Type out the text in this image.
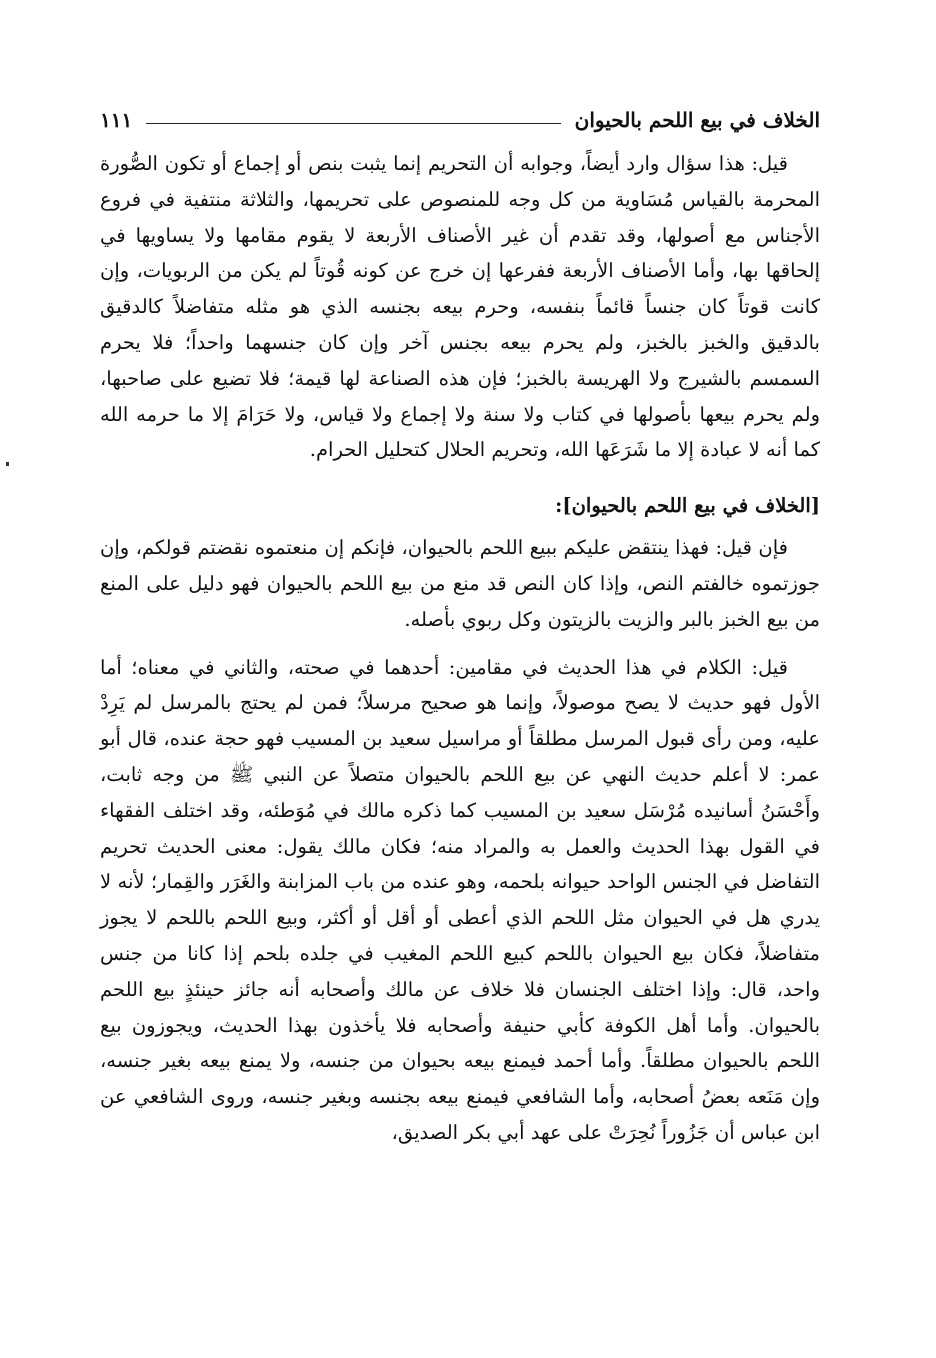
الخلاف في بيع اللحم بالحيوان
١١١

قيل: هذا سؤال وارد أيضاً، وجوابه أن التحريم إنما يثبت بنص أو إجماع أو تكون الصُّورة المحرمة بالقياس مُسَاوية من كل وجه للمنصوص على تحريمها، والثلاثة منتفية في فروع الأجناس مع أصولها، وقد تقدم أن غير الأصناف الأربعة لا يقوم مقامها ولا يساويها في إلحاقها بها، وأما الأصناف الأربعة ففرعها إن خرج عن كونه قُوتاً لم يكن من الربويات، وإن كانت قوتاً كان جنساً قائماً بنفسه، وحرم بيعه بجنسه الذي هو مثله متفاضلاً كالدقيق بالدقيق والخبز بالخبز، ولم يحرم بيعه بجنس آخر وإن كان جنسهما واحداً؛ فلا يحرم السمسم بالشيرج ولا الهريسة بالخبز؛ فإن هذه الصناعة لها قيمة؛ فلا تضيع على صاحبها، ولم يحرم بيعها بأصولها في كتاب ولا سنة ولا إجماع ولا قياس، ولا حَرَامَ إلا ما حرمه الله كما أنه لا عبادة إلا ما شَرَعَها الله، وتحريم الحلال كتحليل الحرام.

[الخلاف في بيع اللحم بالحيوان]:

فإن قيل: فهذا ينتقض عليكم ببيع اللحم بالحيوان، فإنكم إن منعتموه نقضتم قولكم، وإن جوزتموه خالفتم النص، وإذا كان النص قد منع من بيع اللحم بالحيوان فهو دليل على المنع من بيع الخبز بالبر والزيت بالزيتون وكل ربوي بأصله.

قيل: الكلام في هذا الحديث في مقامين: أحدهما في صحته، والثاني في معناه؛ أما الأول فهو حديث لا يصح موصولاً، وإنما هو صحيح مرسلاً؛ فمن لم يحتج بالمرسل لم يَرِدْ عليه، ومن رأى قبول المرسل مطلقاً أو مراسيل سعيد بن المسيب فهو حجة عنده، قال أبو عمر: لا أعلم حديث النهي عن بيع اللحم بالحيوان متصلاً عن النبي ﷺ من وجه ثابت، وأَحْسَنُ أسانيده مُرْسَل سعيد بن المسيب كما ذكره مالك في مُوَطئه، وقد اختلف الفقهاء في القول بهذا الحديث والعمل به والمراد منه؛ فكان مالك يقول: معنى الحديث تحريم التفاضل في الجنس الواحد حيوانه بلحمه، وهو عنده من باب المزابنة والغَرَر والقِمار؛ لأنه لا يدري هل في الحيوان مثل اللحم الذي أعطى أو أقل أو أكثر، وبيع اللحم باللحم لا يجوز متفاضلاً، فكان بيع الحيوان باللحم كبيع اللحم المغيب في جلده بلحم إذا كانا من جنس واحد، قال: وإذا اختلف الجنسان فلا خلاف عن مالك وأصحابه أنه جائز حينئذٍ بيع اللحم بالحيوان. وأما أهل الكوفة كأبي حنيفة وأصحابه فلا يأخذون بهذا الحديث، ويجوزون بيع اللحم بالحيوان مطلقاً. وأما أحمد فيمنع بيعه بحيوان من جنسه، ولا يمنع بيعه بغير جنسه، وإن مَنَعه بعضُ أصحابه، وأما الشافعي فيمنع بيعه بجنسه وبغير جنسه، وروى الشافعي عن ابن عباس أن جَزُوراً نُحِرَتْ على عهد أبي بكر الصديق،
